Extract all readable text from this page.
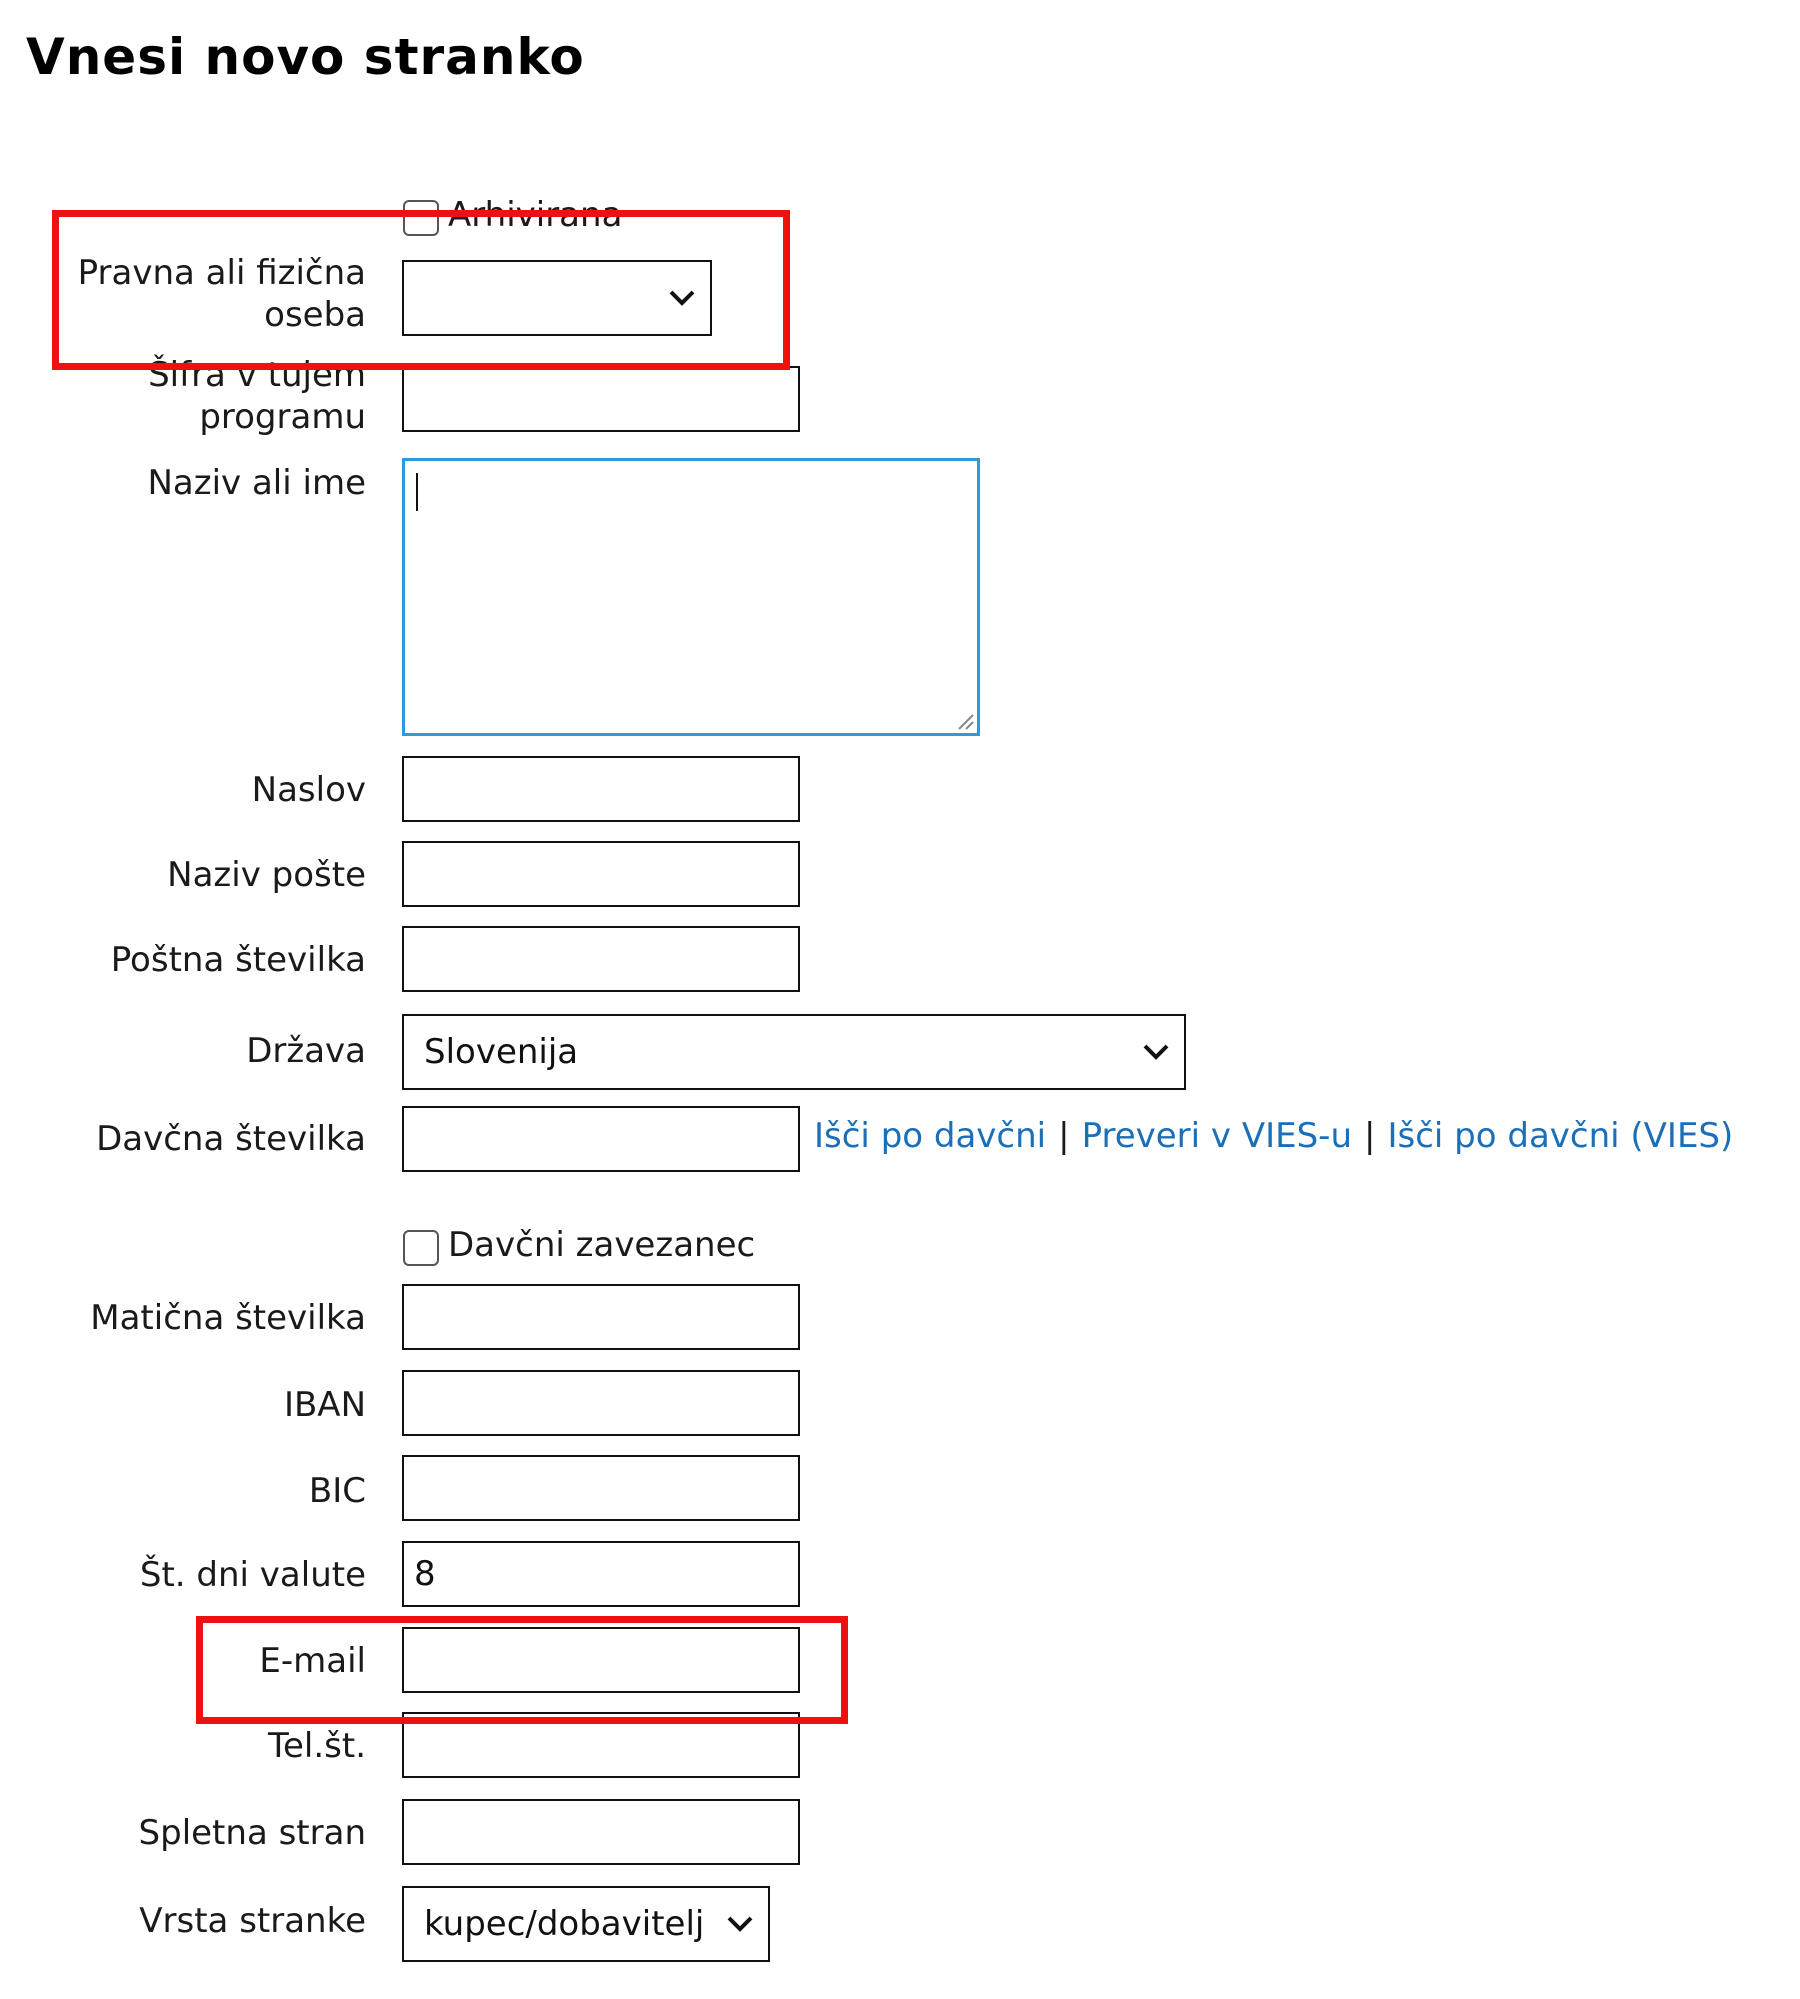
Vnesi novo stranko
Arhivirana
Pravna ali fizična oseba
Šifra v tujem programu
Naziv ali ime
Naslov
Naziv pošte
Poštna številka
Država Slovenija
Davčna številka	Išči po davčni | Preveri v VIES-u | Išči po davčni (VIES)
Davčni zavezanec
Matična številka
IBAN
BIC
Št. dni valute	8
E-mail
Tel.št.
Spletna stran
Vrsta stranke kupec/dobavitelj
